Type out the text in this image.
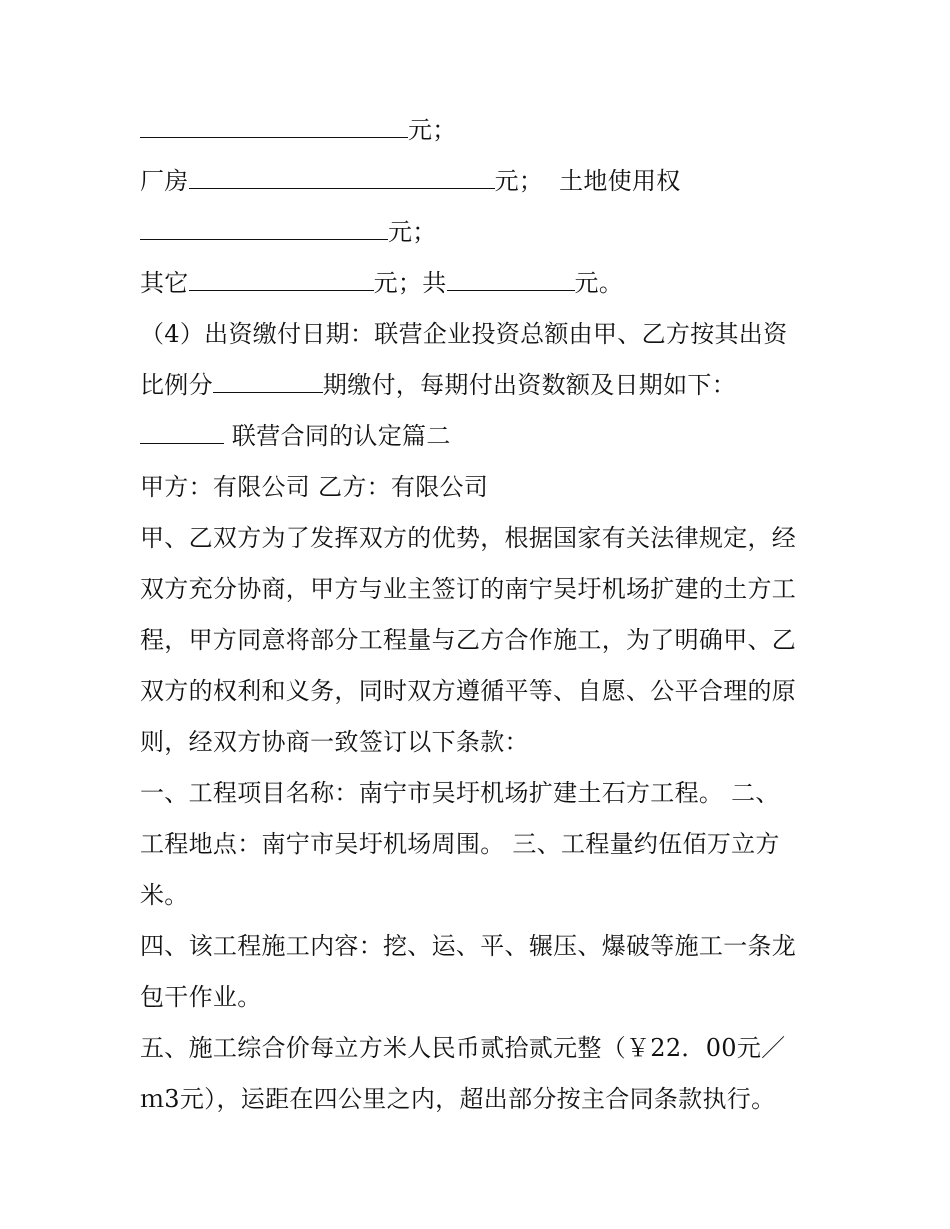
元；
厂房	元；  土地使用权
元；
其它	元；共	元。
（4）出资缴付日期：联营企业投资总额由甲、乙方按其出资
比例分	期缴付，每期付出资数额及日期如下：
联营合同的认定篇二
甲方：有限公司 乙方：有限公司
甲、乙双方为了发挥双方的优势，根据国家有关法律规定，经
双方充分协商，甲方与业主签订的南宁吴圩机场扩建的土方工
程，甲方同意将部分工程量与乙方合作施工，为了明确甲、乙
双方的权利和义务，同时双方遵循平等、自愿、公平合理的原
则，经双方协商一致签订以下条款：
一、工程项目名称：南宁市吴圩机场扩建土石方工程。 二、
工程地点：南宁市吴圩机场周围。 三、工程量约伍佰万立方
米。
四、该工程施工内容：挖、运、平、辗压、爆破等施工一条龙
包干作业。
五、施工综合价每立方米人民币贰拾贰元整（￥22．00元／
ｍ3元），运距在四公里之内，超出部分按主合同条款执行。
